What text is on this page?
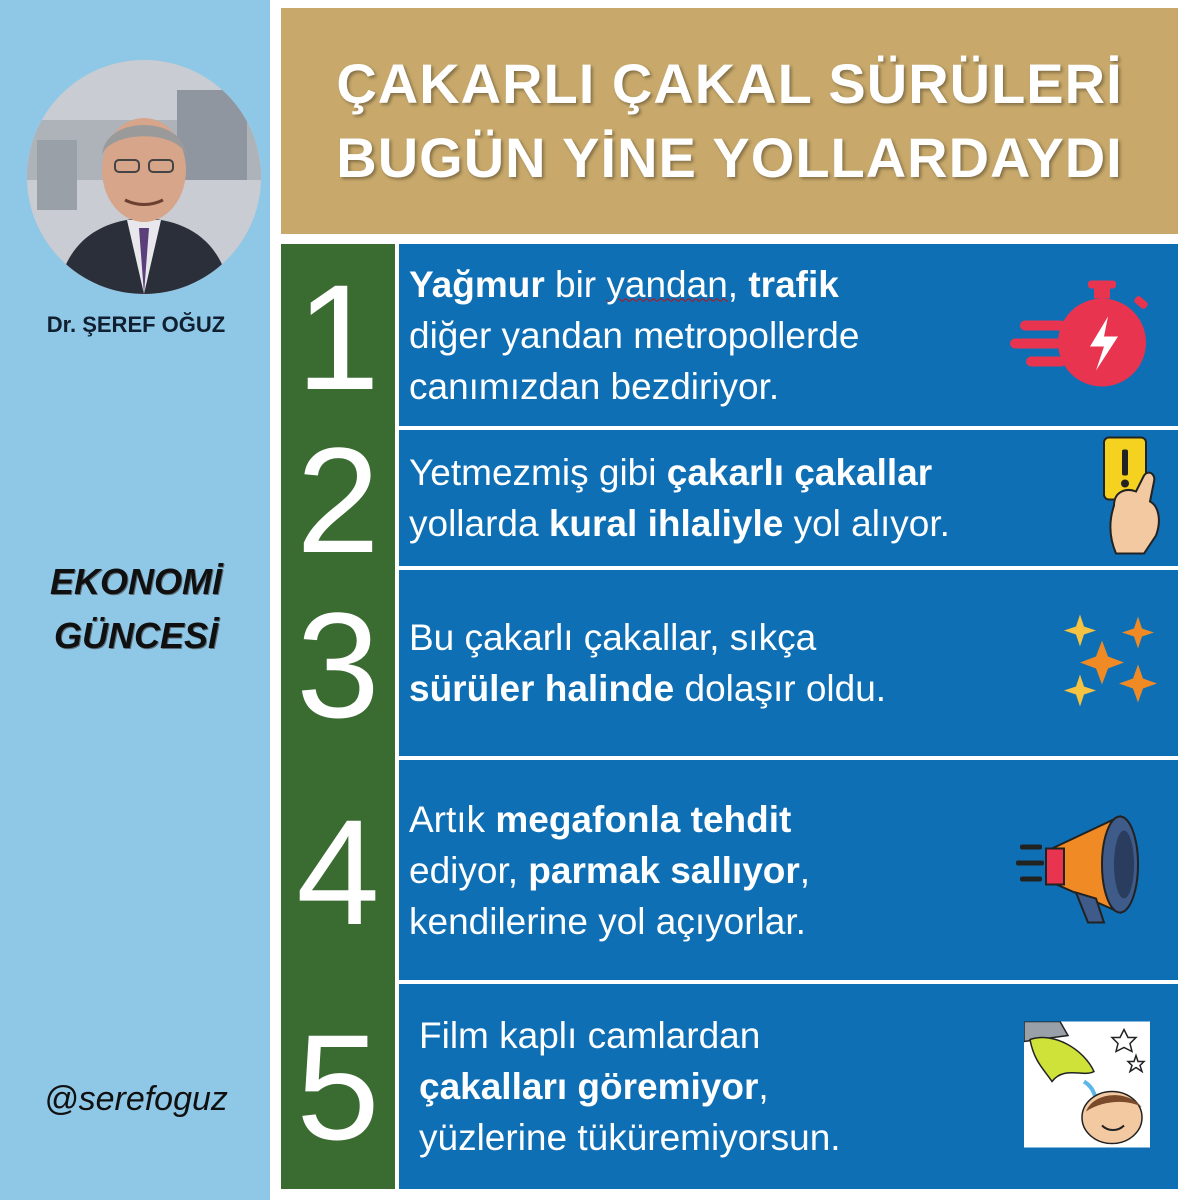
Dr. ŞEREF OĞUZ
EKONOMİ
GÜNCESİ
@serefoguz
ÇAKARLI ÇAKAL SÜRÜLERİ
BUGÜN YİNE YOLLARDAYDI
1 Yağmur bir yandan, trafik
diğer yandan metropollerde
canımızdan bezdiriyor.
2 Yetmezmiş gibi çakarlı çakallar
yollarda kural ihlaliyle yol alıyor.
3 Bu çakarlı çakallar, sıkça
sürüler halinde dolaşır oldu.
4 Artık megafonla tehdit
ediyor, parmak sallıyor,
kendilerine yol açıyorlar.
5	Film kaplı camlardan
çakalları göremiyor,
yüzlerine tüküremiyorsun.
